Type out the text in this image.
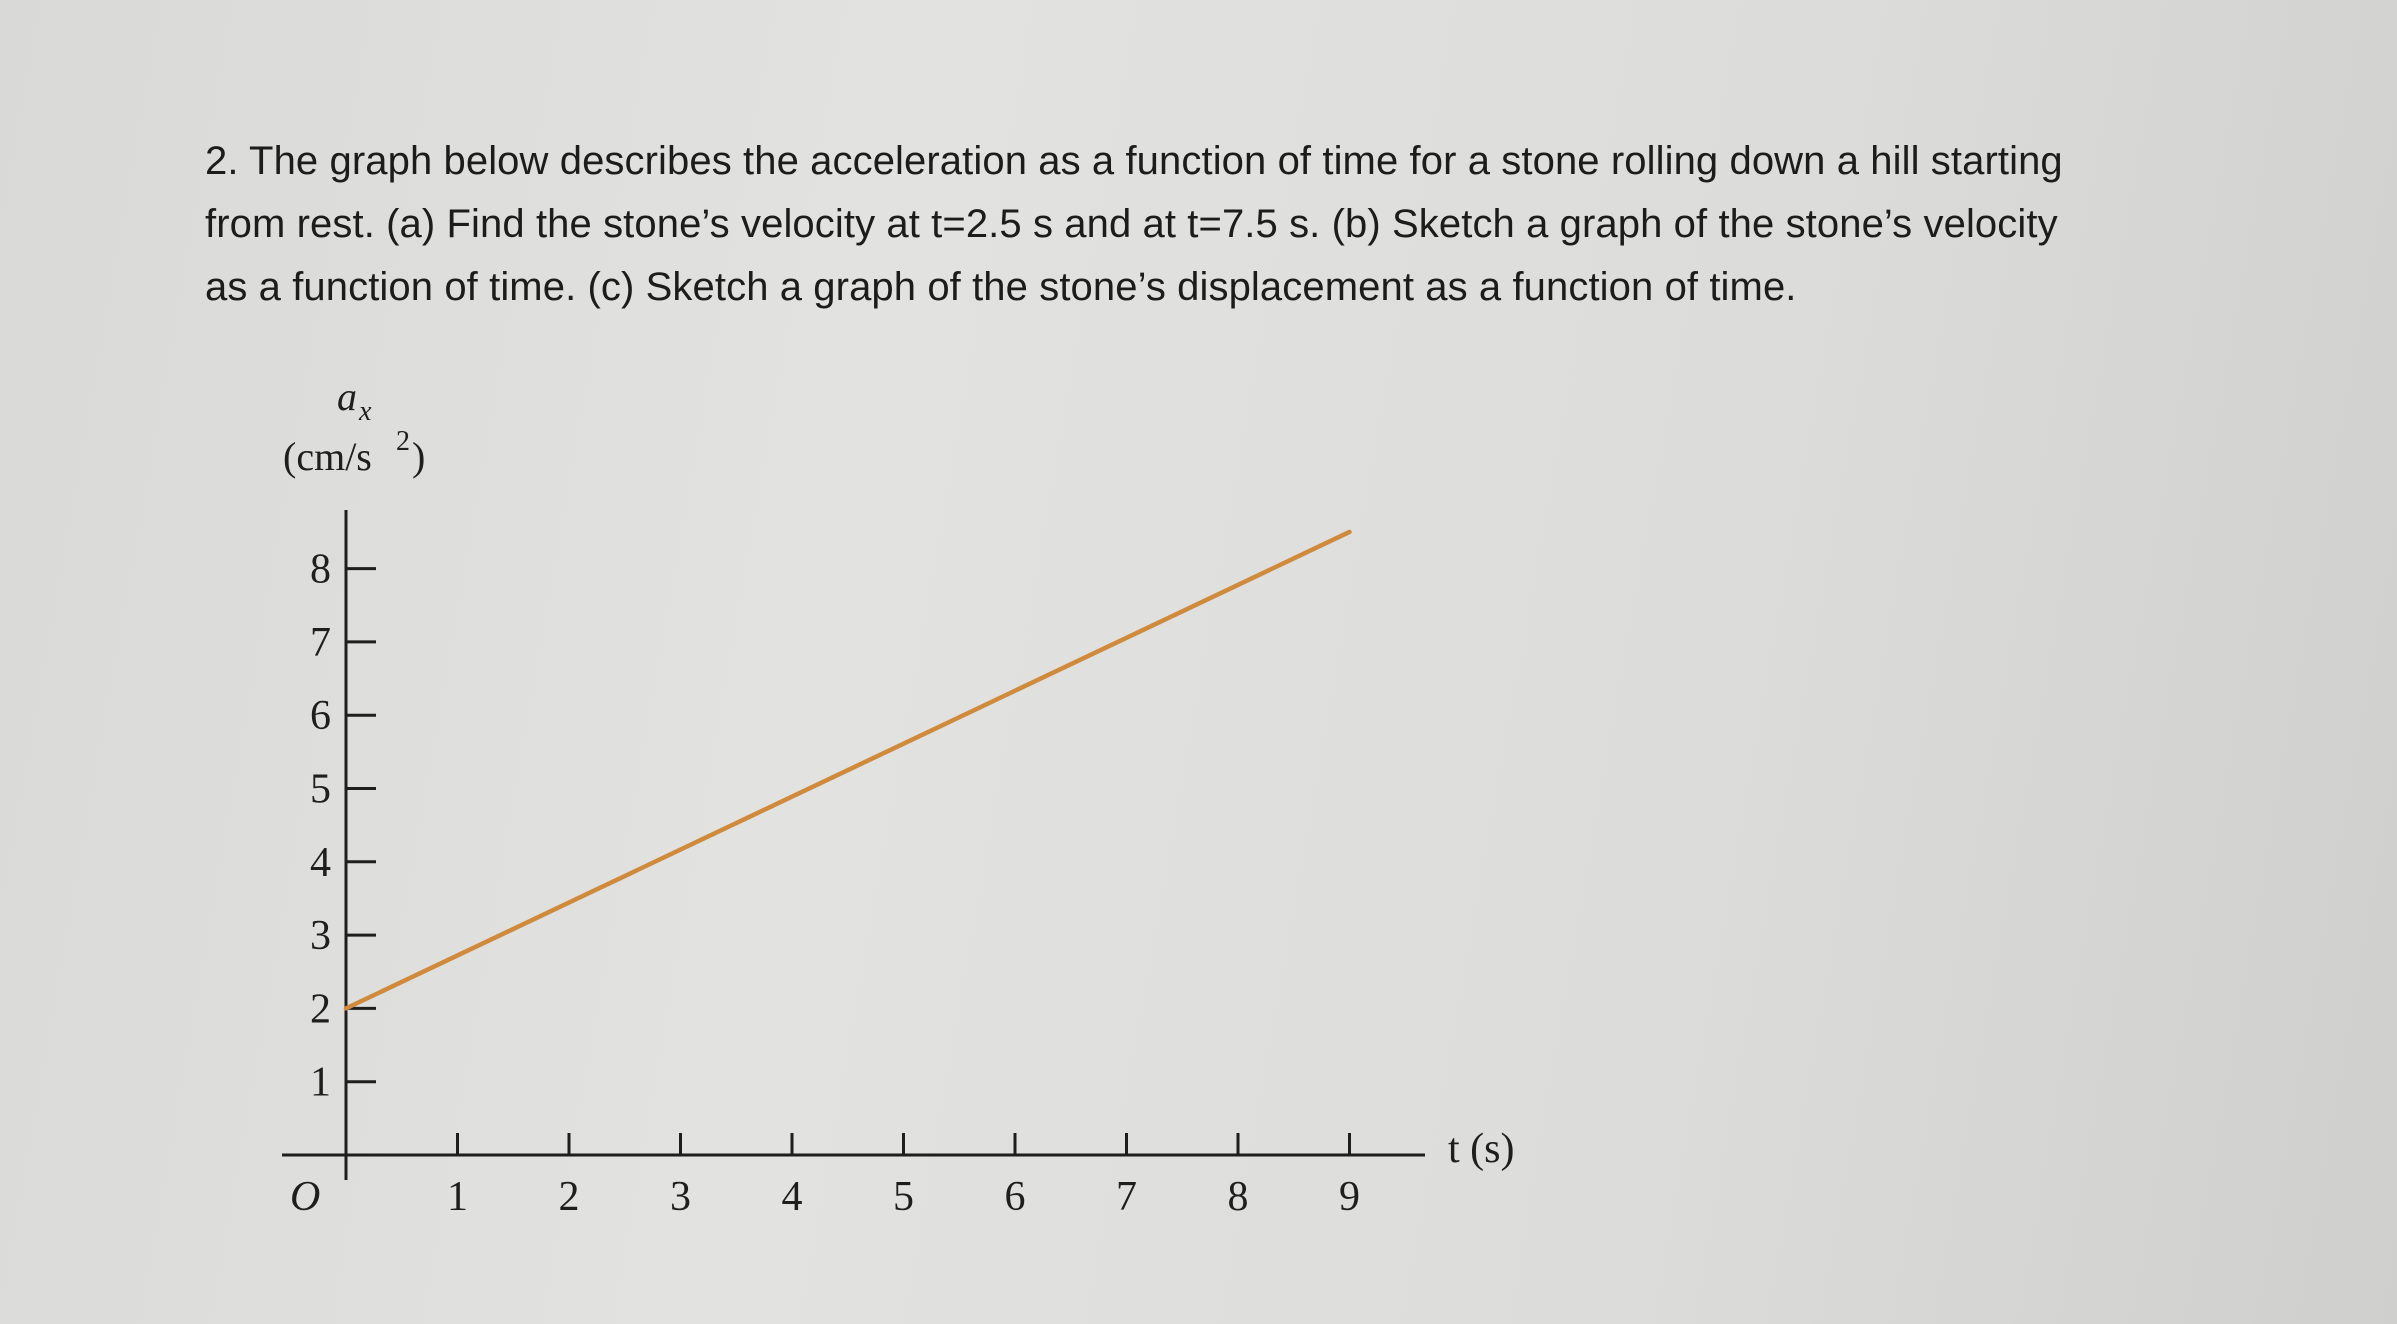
2. The graph below describes the acceleration as a function of time for a stone rolling down a hill starting
from rest. (a) Find the stone’s velocity at t=2.5 s and at t=7.5 s. (b) Sketch a graph of the stone’s velocity
as a function of time. (c) Sketch a graph of the stone’s displacement as a function of time.
a x
(cm/s 2 )
t (s)
O	1 2 3 4 5 6 7 8 9
1
2
3
4
5
6
7
8
